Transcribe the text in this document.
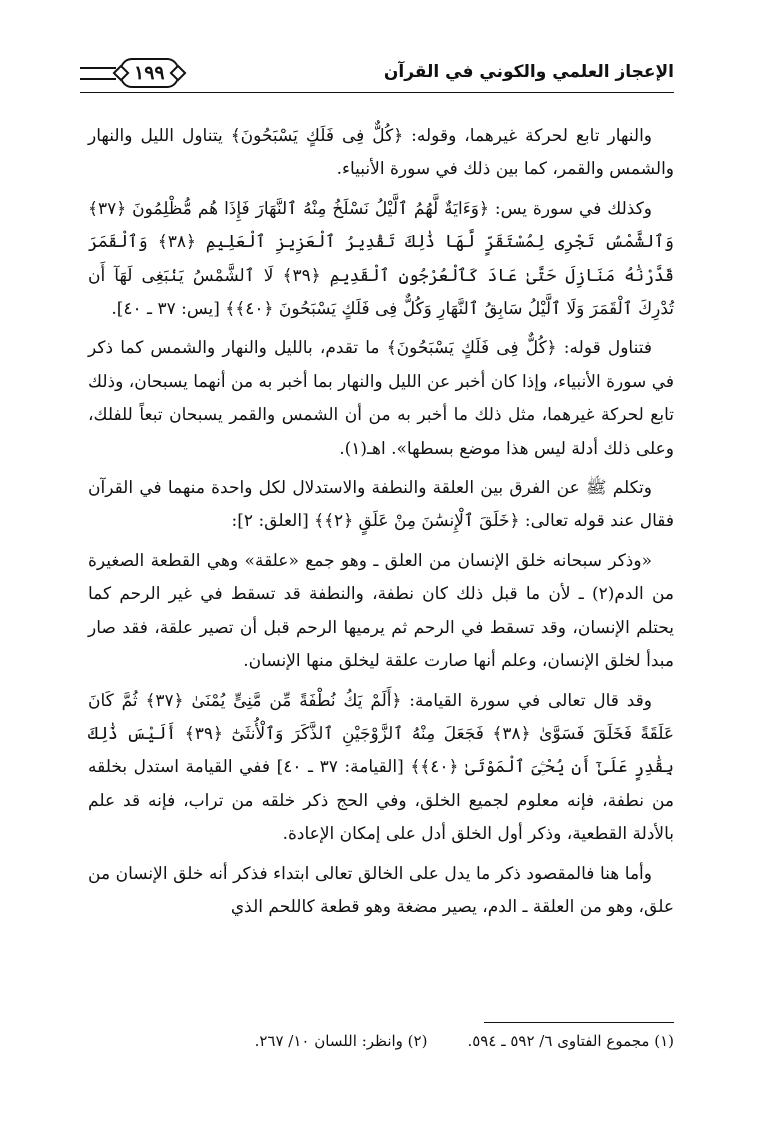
الإعجاز العلمي والكوني في القرآن
١٩٩

والنهار تابع لحركة غيرهما، وقوله: ﴿كُلٌّ فِى فَلَكٍ يَسْبَحُونَ﴾ يتناول الليل والنهار والشمس والقمر، كما بين ذلك في سورة الأنبياء.

وكذلك في سورة يس: ﴿وَءَايَةٌ لَّهُمُ ٱلَّيْلُ نَسْلَخُ مِنْهُ ٱلنَّهَارَ فَإِذَا هُم مُّظْلِمُونَ ﴿٣٧﴾ وَٱلشَّمْسُ تَجْرِى لِمُسْتَقَرٍّ لَّهَا ذَٰلِكَ تَقْدِيرُ ٱلْعَزِيزِ ٱلْعَلِيمِ ﴿٣٨﴾ وَٱلْقَمَرَ قَدَّرْنَٰهُ مَنَازِلَ حَتَّىٰ عَادَ كَٱلْعُرْجُونِ ٱلْقَدِيمِ ﴿٣٩﴾ لَا ٱلشَّمْسُ يَنۢبَغِى لَهَآ أَن تُدْرِكَ ٱلْقَمَرَ وَلَا ٱلَّيْلُ سَابِقُ ٱلنَّهَارِ وَكُلٌّ فِى فَلَكٍ يَسْبَحُونَ ﴿٤٠﴾﴾ [يس: ٣٧ ـ ٤٠].

فتناول قوله: ﴿كُلٌّ فِى فَلَكٍ يَسْبَحُونَ﴾ ما تقدم، بالليل والنهار والشمس كما ذكر في سورة الأنبياء، وإذا كان أخبر عن الليل والنهار بما أخبر به من أنهما يسبحان، وذلك تابع لحركة غيرهما، مثل ذلك ما أخبر به من أن الشمس والقمر يسبحان تبعاً للفلك، وعلى ذلك أدلة ليس هذا موضع بسطها». اهـ(١).

وتكلم ﷺ عن الفرق بين العلقة والنطفة والاستدلال لكل واحدة منهما في القرآن فقال عند قوله تعالى: ﴿خَلَقَ ٱلْإِنسَٰنَ مِنْ عَلَقٍ ﴿٢﴾﴾ [العلق: ٢]:

«وذكر سبحانه خلق الإنسان من العلق ـ وهو جمع «علقة» وهي القطعة الصغيرة من الدم(٢) ـ لأن ما قبل ذلك كان نطفة، والنطفة قد تسقط في غير الرحم كما يحتلم الإنسان، وقد تسقط في الرحم ثم يرميها الرحم قبل أن تصير علقة، فقد صار مبدأ لخلق الإنسان، وعلم أنها صارت علقة ليخلق منها الإنسان.

وقد قال تعالى في سورة القيامة: ﴿أَلَمْ يَكُ نُطْفَةً مِّن مَّنِىٍّ يُمْنَىٰ ﴿٣٧﴾ ثُمَّ كَانَ عَلَقَةً فَخَلَقَ فَسَوَّىٰ ﴿٣٨﴾ فَجَعَلَ مِنْهُ ٱلزَّوْجَيْنِ ٱلذَّكَرَ وَٱلْأُنثَىٰٓ ﴿٣٩﴾ أَلَيْسَ ذَٰلِكَ بِقَٰدِرٍ عَلَىٰٓ أَن يُحْـِۧىَ ٱلْمَوْتَىٰ ﴿٤٠﴾﴾ [القيامة: ٣٧ ـ ٤٠] ففي القيامة استدل بخلقه من نطفة، فإنه معلوم لجميع الخلق، وفي الحج ذكر خلقه من تراب، فإنه قد علم بالأدلة القطعية، وذكر أول الخلق أدل على إمكان الإعادة.

وأما هنا فالمقصود ذكر ما يدل على الخالق تعالى ابتداء فذكر أنه خلق الإنسان من علق، وهو من العلقة ـ الدم، يصير مضغة وهو قطعة كاللحم الذي

(١) مجموع الفتاوى ٦/ ٥٩٢ ـ ٥٩٤.
(٢) وانظر: اللسان ١٠/ ٢٦٧.
